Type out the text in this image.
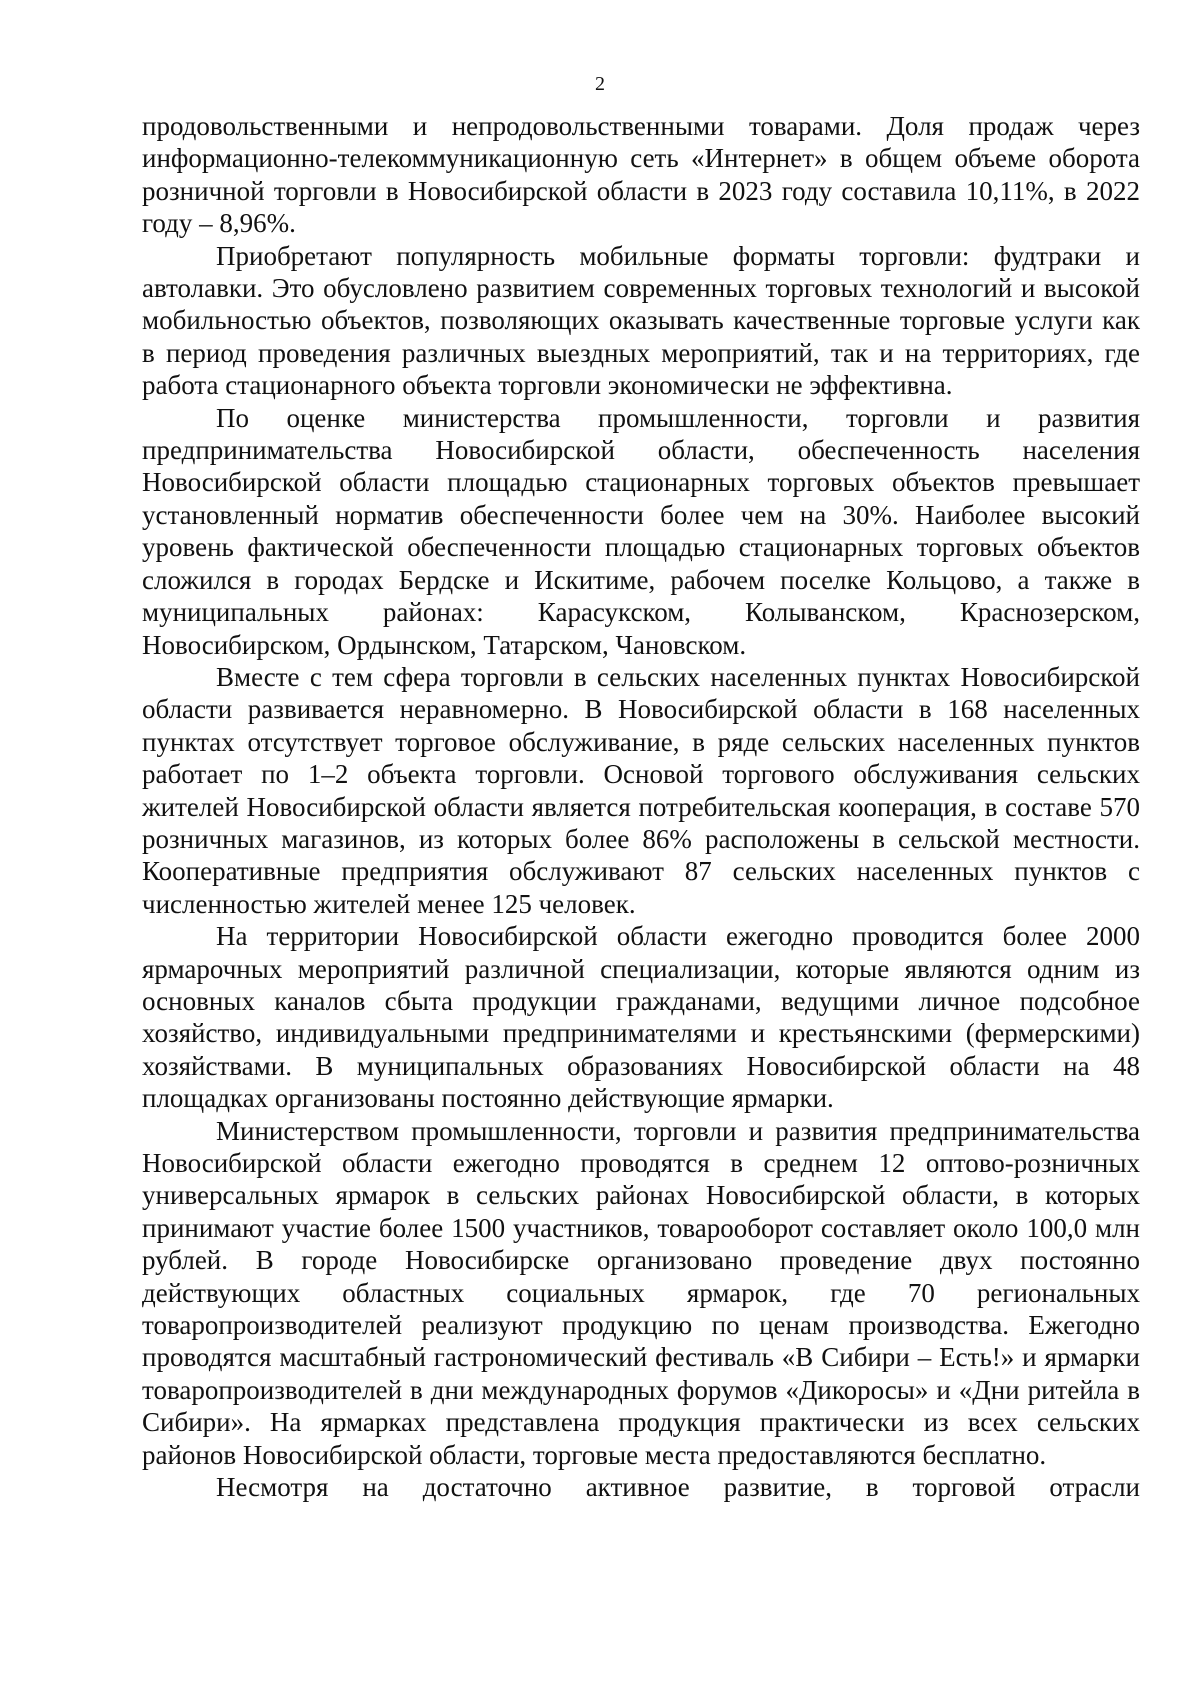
2

продовольственными и непродовольственными товарами. Доля продаж через информационно-телекоммуникационную сеть «Интернет» в общем объеме оборота розничной торговли в Новосибирской области в 2023 году составила 10,11%, в 2022 году – 8,96%.

Приобретают популярность мобильные форматы торговли: фудтраки и автолавки. Это обусловлено развитием современных торговых технологий и высокой мобильностью объектов, позволяющих оказывать качественные торговые услуги как в период проведения различных выездных мероприятий, так и на территориях, где работа стационарного объекта торговли экономически не эффективна.

По оценке министерства промышленности, торговли и развития предпринимательства Новосибирской области, обеспеченность населения Новосибирской области площадью стационарных торговых объектов превышает установленный норматив обеспеченности более чем на 30%. Наиболее высокий уровень фактической обеспеченности площадью стационарных торговых объектов сложился в городах Бердске и Искитиме, рабочем поселке Кольцово, а также в муниципальных районах: Карасукском, Колыванском, Краснозерском, Новосибирском, Ордынском, Татарском, Чановском.

Вместе с тем сфера торговли в сельских населенных пунктах Новосибирской области развивается неравномерно. В Новосибирской области в 168 населенных пунктах отсутствует торговое обслуживание, в ряде сельских населенных пунктов работает по 1–2 объекта торговли. Основой торгового обслуживания сельских жителей Новосибирской области является потребительская кооперация, в составе 570 розничных магазинов, из которых более 86% расположены в сельской местности. Кооперативные предприятия обслуживают 87 сельских населенных пунктов с численностью жителей менее 125 человек.

На территории Новосибирской области ежегодно проводится более 2000 ярмарочных мероприятий различной специализации, которые являются одним из основных каналов сбыта продукции гражданами, ведущими личное подсобное хозяйство, индивидуальными предпринимателями и крестьянскими (фермерскими) хозяйствами. В муниципальных образованиях Новосибирской области на 48 площадках организованы постоянно действующие ярмарки.

Министерством промышленности, торговли и развития предпринимательства Новосибирской области ежегодно проводятся в среднем 12 оптово-розничных универсальных ярмарок в сельских районах Новосибирской области, в которых принимают участие более 1500 участников, товарооборот составляет около 100,0 млн рублей. В городе Новосибирске организовано проведение двух постоянно действующих областных социальных ярмарок, где 70 региональных товаропроизводителей реализуют продукцию по ценам производства. Ежегодно проводятся масштабный гастрономический фестиваль «В Сибири – Есть!» и ярмарки товаропроизводителей в дни международных форумов «Дикоросы» и «Дни ритейла в Сибири». На ярмарках представлена продукция практически из всех сельских районов Новосибирской области, торговые места предоставляются бесплатно.

Несмотря на достаточно активное развитие, в торговой отрасли
